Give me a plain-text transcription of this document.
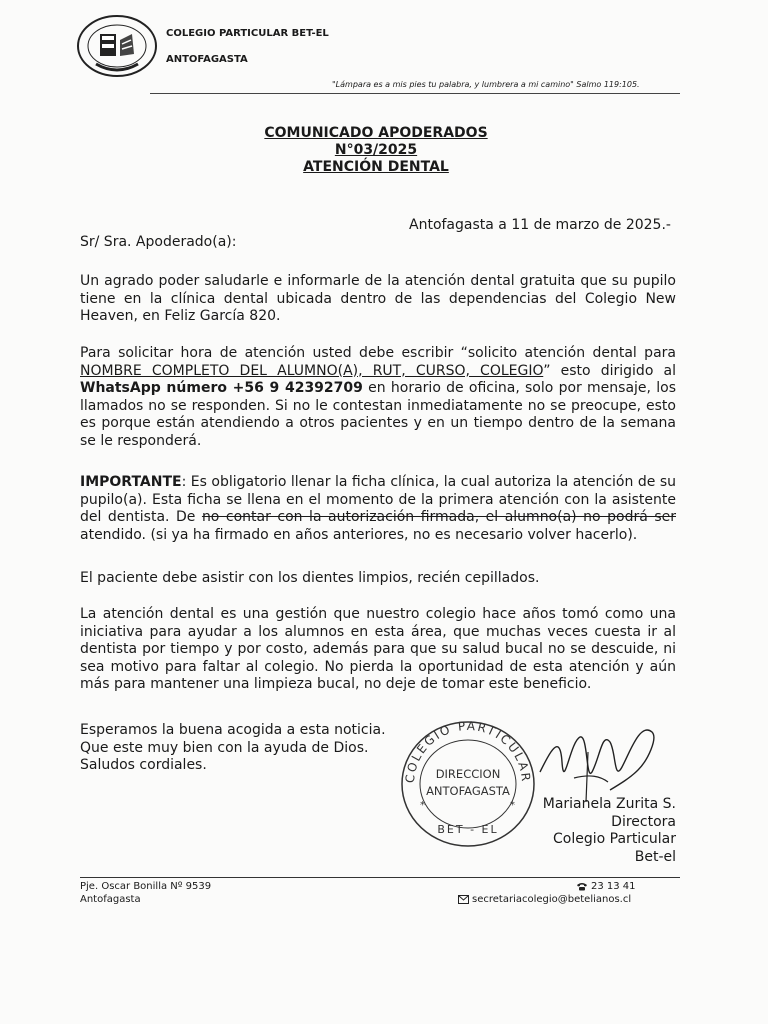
COLEGIO PARTICULAR BET-EL
ANTOFAGASTA
"Lámpara es a mis pies tu palabra, y lumbrera a mi camino" Salmo 119:105.
COMUNICADO APODERADOS
N°03/2025
ATENCIÓN DENTAL
Antofagasta a 11 de marzo de 2025.-
Sr/ Sra. Apoderado(a):
Un agrado poder saludarle e informarle de la atención dental gratuita que su pupilo tiene en la clínica dental ubicada dentro de las dependencias del Colegio New Heaven, en Feliz García 820.
Para solicitar hora de atención usted debe escribir “solicito atención dental para NOMBRE COMPLETO DEL ALUMNO(A), RUT, CURSO, COLEGIO” esto dirigido al WhatsApp número +56 9 42392709 en horario de oficina, solo por mensaje, los llamados no se responden. Si no le contestan inmediatamente no se preocupe, esto es porque están atendiendo a otros pacientes y en un tiempo dentro de la semana se le responderá.
IMPORTANTE: Es obligatorio llenar la ficha clínica, la cual autoriza la atención de su pupilo(a). Esta ficha se llena en el momento de la primera atención con la asistente del dentista. De no contar con la autorización firmada, el alumno(a) no podrá ser atendido. (si ya ha firmado en años anteriores, no es necesario volver hacerlo).
El paciente debe asistir con los dientes limpios, recién cepillados.
La atención dental es una gestión que nuestro colegio hace años tomó como una iniciativa para ayudar a los alumnos en esta área, que muchas veces cuesta ir al dentista por tiempo y por costo, además para que su salud bucal no se descuide, ni sea motivo para faltar al colegio. No pierda la oportunidad de esta atención y aún más para mantener una limpieza bucal, no deje de tomar este beneficio.
Esperamos la buena acogida a esta noticia.
Que este muy bien con la ayuda de Dios.
Saludos cordiales.
COLEGIO PARTICULAR
DIRECCION
ANTOFAGASTA
*	*
BET - EL
Marianela Zurita S.
Directora
Colegio Particular Bet-el
Pje. Oscar Bonilla Nº 9539
Antofagasta
23 13 41
secretariacolegio@betelianos.cl
